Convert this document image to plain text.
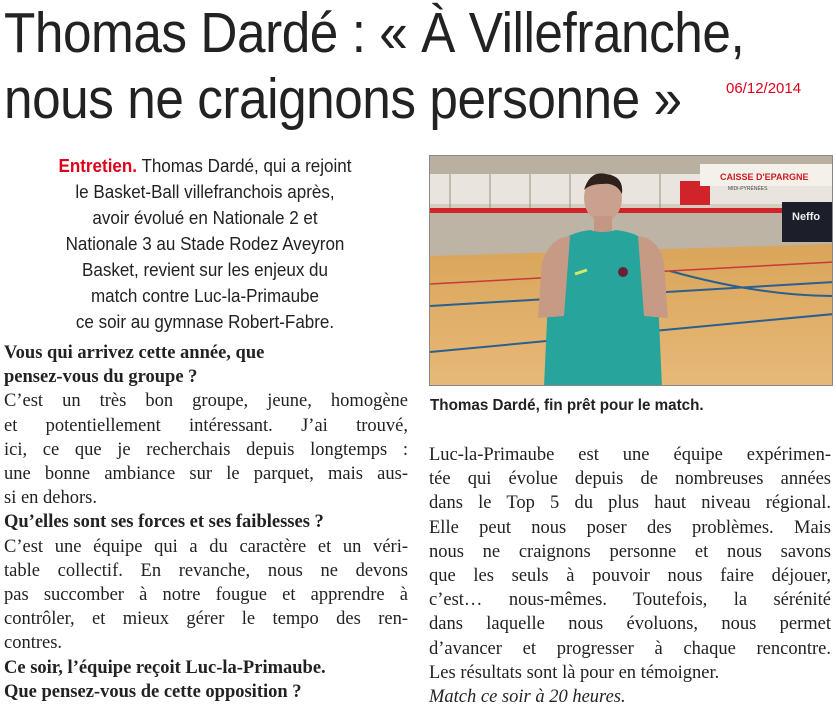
Thomas Dardé : « À Villefranche,
nous ne craignons personne »	06/12/2014
Entretien. Thomas Dardé, qui a rejoint
le Basket-Ball villefranchois après,
avoir évolué en Nationale 2 et
Nationale 3 au Stade Rodez Aveyron
Basket, revient sur les enjeux du
match contre Luc-la-Primaube
ce soir au gymnase Robert-Fabre.
Vous qui arrivez cette année, que
pensez-vous du groupe ?
C’est un très bon groupe, jeune, homogène
et potentiellement intéressant. J’ai trouvé,
ici, ce que je recherchais depuis longtemps :
une bonne ambiance sur le parquet, mais aus-
si en dehors.
Qu’elles sont ses forces et ses faiblesses ?
C’est une équipe qui a du caractère et un véri-
table collectif. En revanche, nous ne devons
pas succomber à notre fougue et apprendre à
contrôler, et mieux gérer le tempo des ren-
contres.
Ce soir, l’équipe reçoit Luc-la-Primaube.
Que pensez-vous de cette opposition ?
CAISSE D'EPARGNE
MIDI-PYRÉNÉES
Neffo
Thomas Dardé, fin prêt pour le match.
Luc-la-Primaube est une équipe expérimen-
tée qui évolue depuis de nombreuses années
dans le Top 5 du plus haut niveau régional.
Elle peut nous poser des problèmes. Mais
nous ne craignons personne et nous savons
que les seuls à pouvoir nous faire déjouer,
c’est… nous-mêmes. Toutefois, la sérénité
dans laquelle nous évoluons, nous permet
d’avancer et progresser à chaque rencontre.
Les résultats sont là pour en témoigner.
Match ce soir à 20 heures.
